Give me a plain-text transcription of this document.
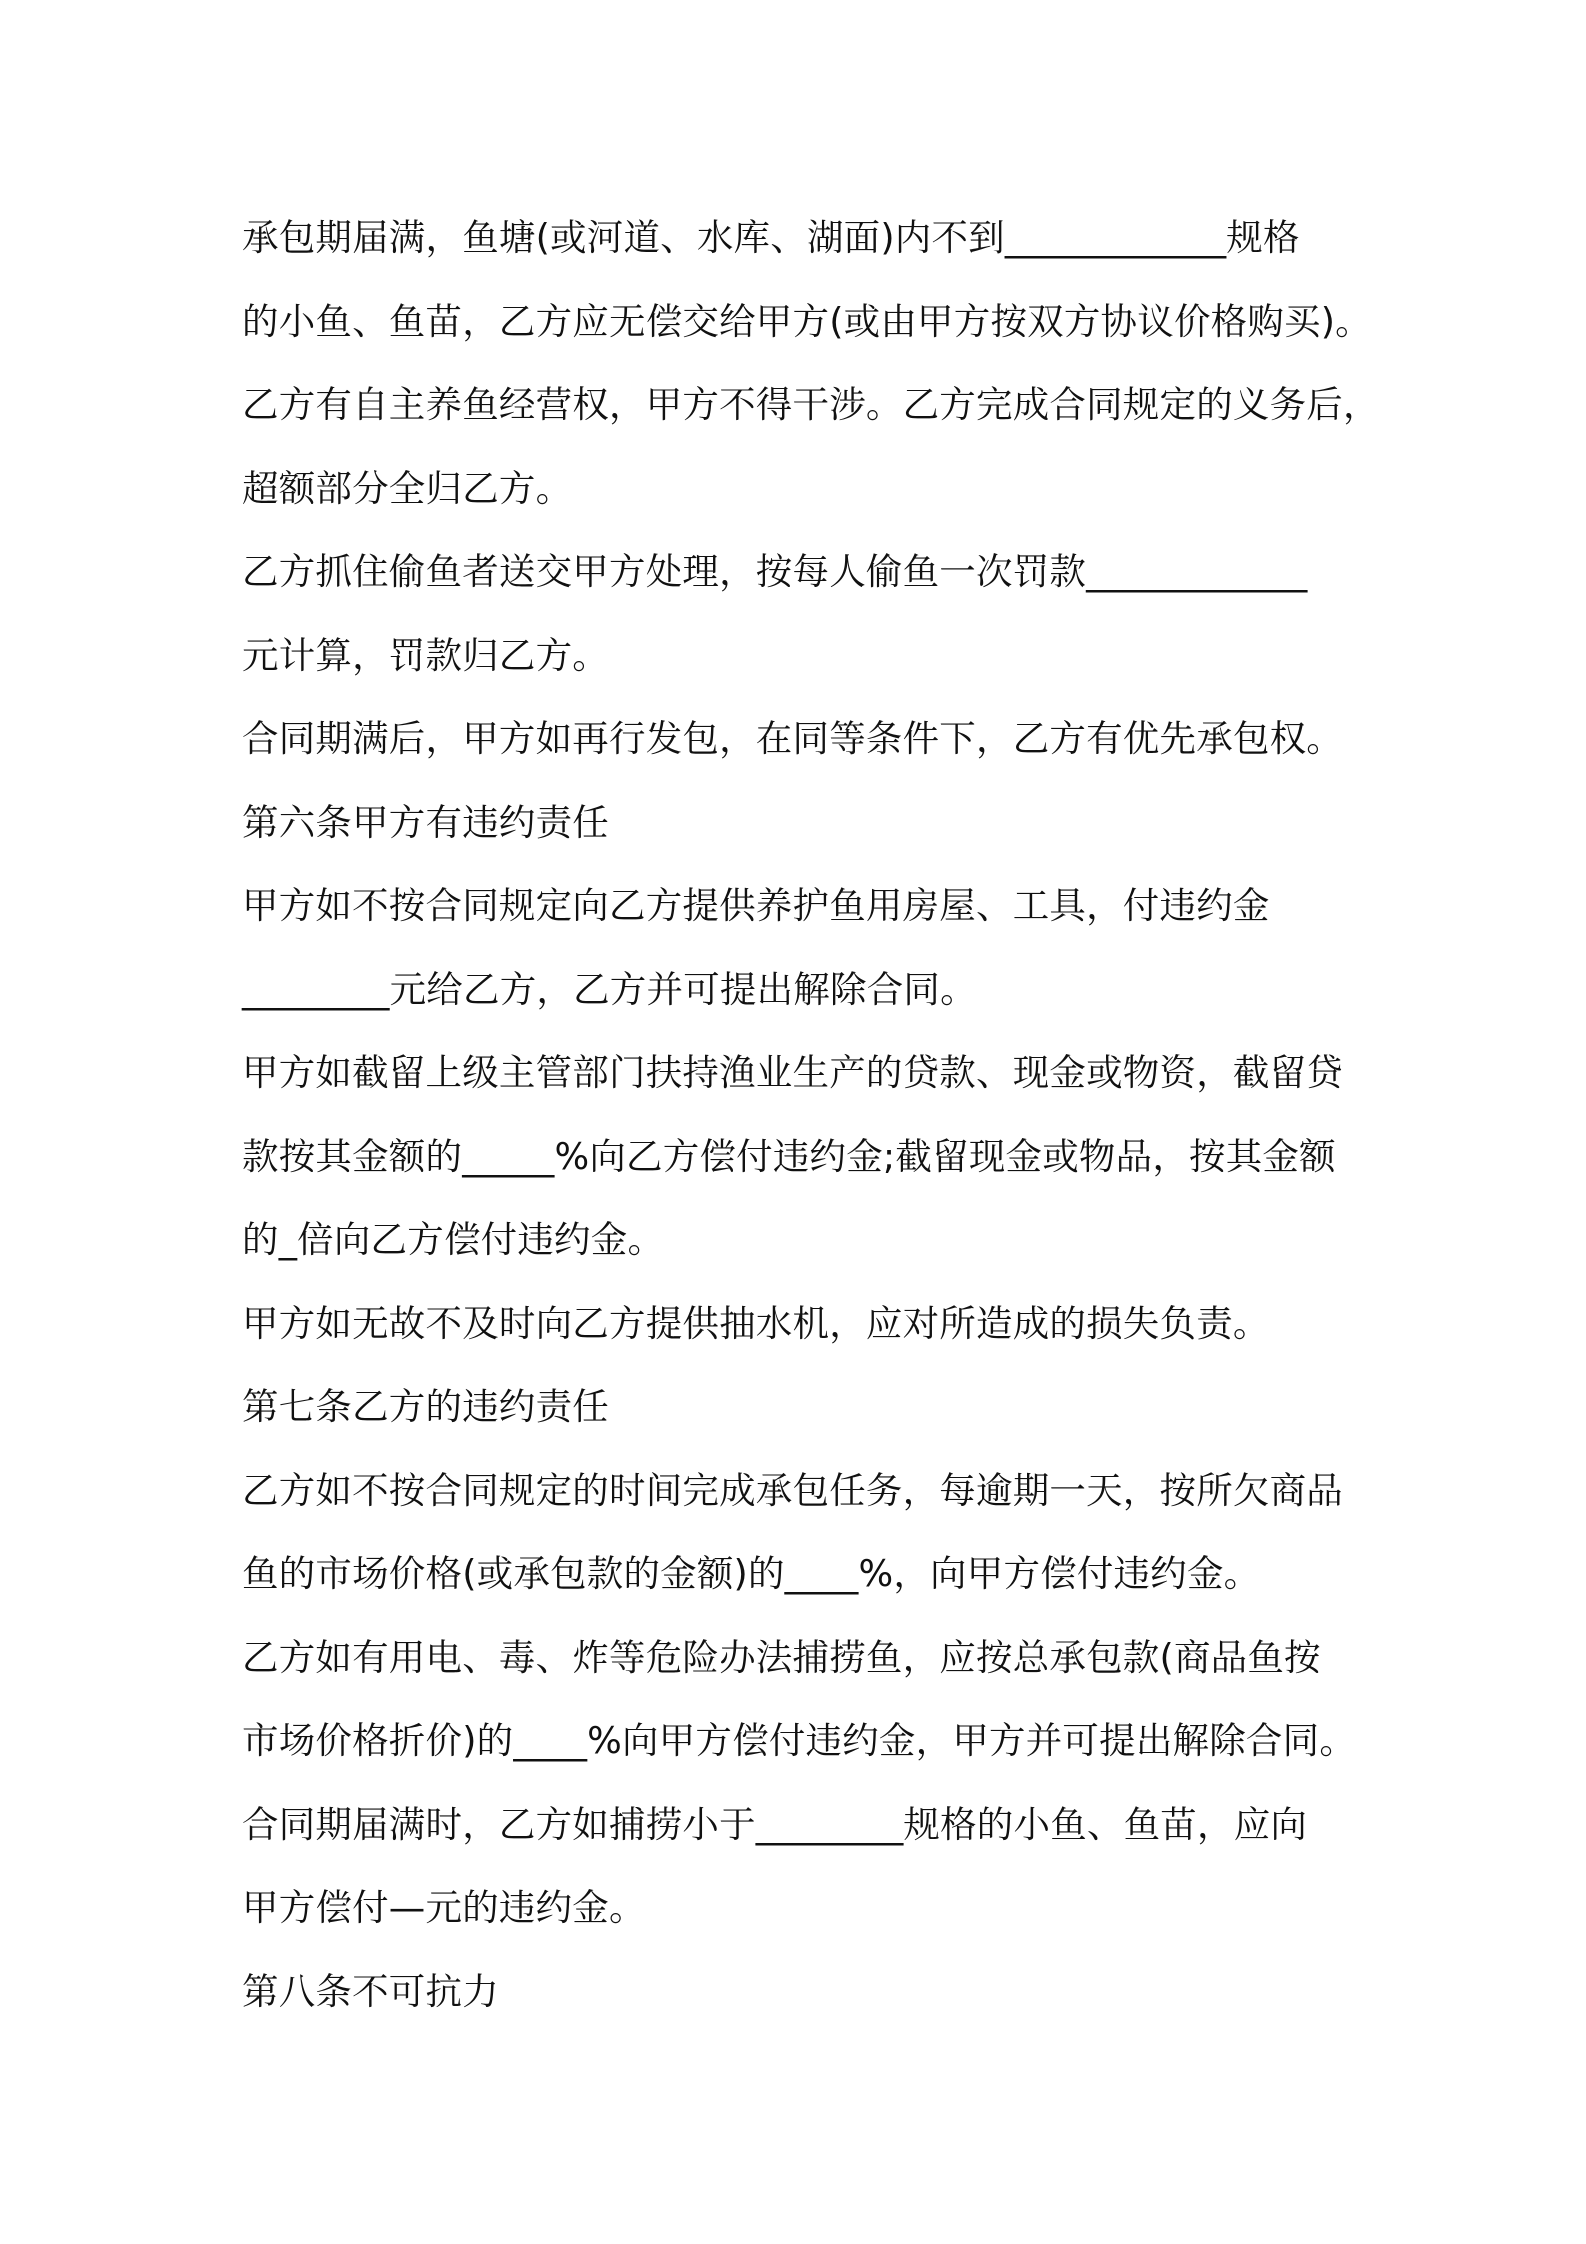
承包期届满，鱼塘(或河道、水库、湖面)内不到____________规格
的小鱼、鱼苗，乙方应无偿交给甲方(或由甲方按双方协议价格购买)。
乙方有自主养鱼经营权，甲方不得干涉。乙方完成合同规定的义务后，
超额部分全归乙方。
乙方抓住偷鱼者送交甲方处理，按每人偷鱼一次罚款____________
元计算，罚款归乙方。
合同期满后，甲方如再行发包，在同等条件下，乙方有优先承包权。
第六条甲方有违约责任
甲方如不按合同规定向乙方提供养护鱼用房屋、工具，付违约金
________元给乙方，乙方并可提出解除合同。
甲方如截留上级主管部门扶持渔业生产的贷款、现金或物资，截留贷
款按其金额的_____%向乙方偿付违约金;截留现金或物品，按其金额
的_倍向乙方偿付违约金。
甲方如无故不及时向乙方提供抽水机，应对所造成的损失负责。
第七条乙方的违约责任
乙方如不按合同规定的时间完成承包任务，每逾期一天，按所欠商品
鱼的市场价格(或承包款的金额)的____%，向甲方偿付违约金。
乙方如有用电、毒、炸等危险办法捕捞鱼，应按总承包款(商品鱼按
市场价格折价)的____%向甲方偿付违约金，甲方并可提出解除合同。
合同期届满时，乙方如捕捞小于________规格的小鱼、鱼苗，应向
甲方偿付—元的违约金。
第八条不可抗力
